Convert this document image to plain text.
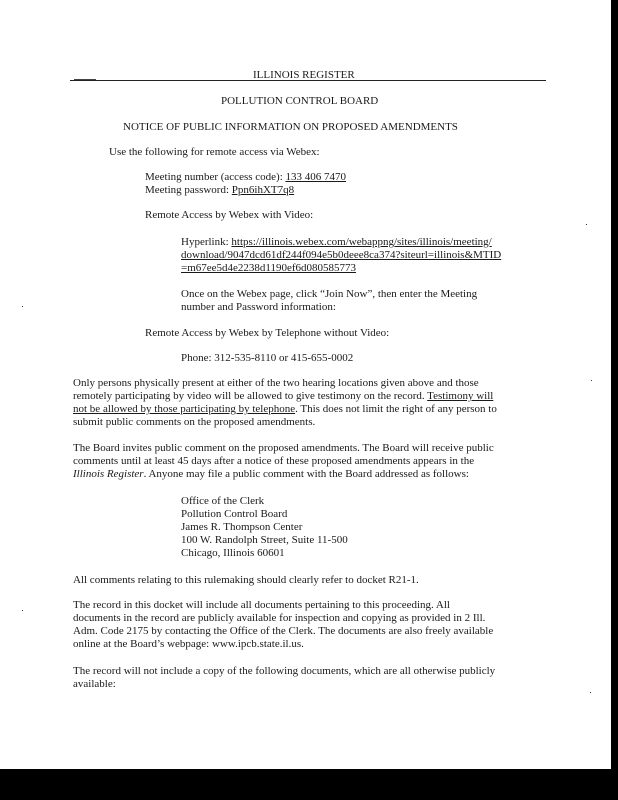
ILLINOIS REGISTER
POLLUTION CONTROL BOARD
NOTICE OF PUBLIC INFORMATION ON PROPOSED AMENDMENTS
Use the following for remote access via Webex:
Meeting number (access code): 133 406 7470
Meeting password: Ppn6ihXT7q8
Remote Access by Webex with Video:
Hyperlink: https://illinois.webex.com/webappng/sites/illinois/meeting/
download/9047dcd61df244f094e5b0deee8ca374?siteurl=illinois&MTID
=m67ee5d4e2238d1190ef6d080585773
Once on the Webex page, click “Join Now”, then enter the Meeting
number and Password information:
Remote Access by Webex by Telephone without Video:
Phone: 312-535-8110 or 415-655-0002
Only persons physically present at either of the two hearing locations given above and those
remotely participating by video will be allowed to give testimony on the record. Testimony will
not be allowed by those participating by telephone. This does not limit the right of any person to
submit public comments on the proposed amendments.
The Board invites public comment on the proposed amendments. The Board will receive public
comments until at least 45 days after a notice of these proposed amendments appears in the
Illinois Register. Anyone may file a public comment with the Board addressed as follows:
Office of the Clerk
Pollution Control Board
James R. Thompson Center
100 W. Randolph Street, Suite 11-500
Chicago, Illinois 60601
All comments relating to this rulemaking should clearly refer to docket R21-1.
The record in this docket will include all documents pertaining to this proceeding. All
documents in the record are publicly available for inspection and copying as provided in 2 Ill.
Adm. Code 2175 by contacting the Office of the Clerk. The documents are also freely available
online at the Board’s webpage: www.ipcb.state.il.us.
The record will not include a copy of the following documents, which are all otherwise publicly
available:
